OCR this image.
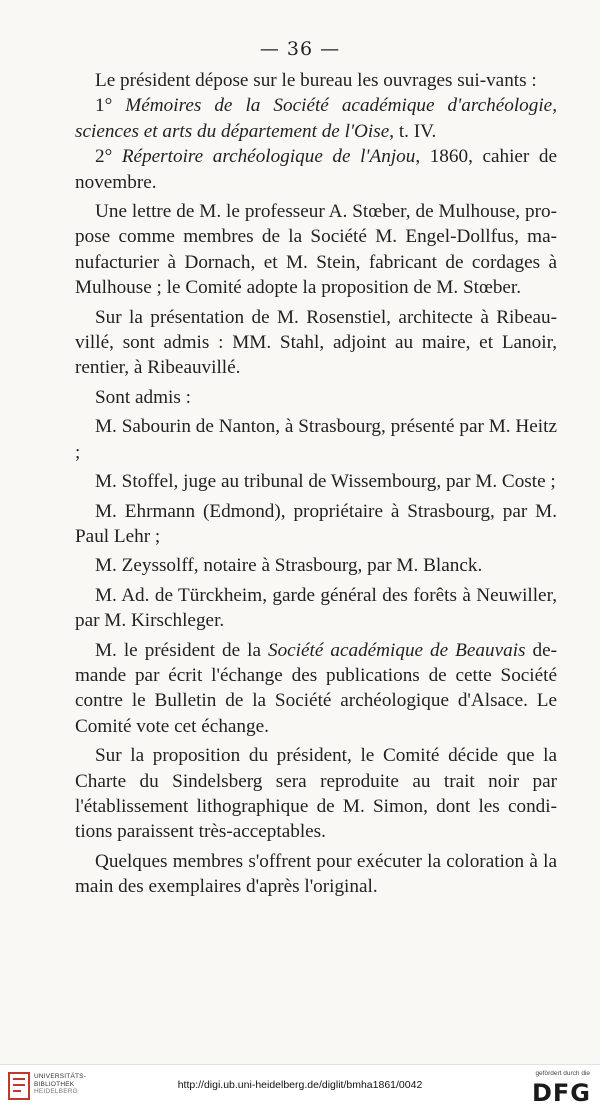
— 36 —

Le président dépose sur le bureau les ouvrages sui-vants :

1° Mémoires de la Société académique d'archéologie, sciences et arts du département de l'Oise, t. IV.

2° Répertoire archéologique de l'Anjou, 1860, cahier de novembre.

Une lettre de M. le professeur A. Stœber, de Mulhouse, pro-pose comme membres de la Société M. Engel-Dollfus, ma-nufacturier à Dornach, et M. Stein, fabricant de cordages à Mulhouse ; le Comité adopte la proposition de M. Stœber.

Sur la présentation de M. Rosenstiel, architecte à Ribeau-villé, sont admis : MM. Stahl, adjoint au maire, et Lanoir, rentier, à Ribeauvillé.

Sont admis :

M. Sabourin de Nanton, à Strasbourg, présenté par M. Heitz ;

M. Stoffel, juge au tribunal de Wissembourg, par M. Coste ;

M. Ehrmann (Edmond), propriétaire à Strasbourg, par M. Paul Lehr ;

M. Zeyssolff, notaire à Strasbourg, par M. Blanck.

M. Ad. de Türckheim, garde général des forêts à Neuwiller, par M. Kirschleger.

M. le président de la Société académique de Beauvais de-mande par écrit l'échange des publications de cette Société contre le Bulletin de la Société archéologique d'Alsace. Le Comité vote cet échange.

Sur la proposition du président, le Comité décide que la Charte du Sindelsberg sera reproduite au trait noir par l'établissement lithographique de M. Simon, dont les condi-tions paraissent très-acceptables.

Quelques membres s'offrent pour exécuter la coloration à la main des exemplaires d'après l'original.

UNIVERSITÄTS-
BIBLIOTHEK
HEIDELBERG
http://digi.ub.uni-heidelberg.de/diglit/bmha1861/0042
gefördert durch die
DFG
